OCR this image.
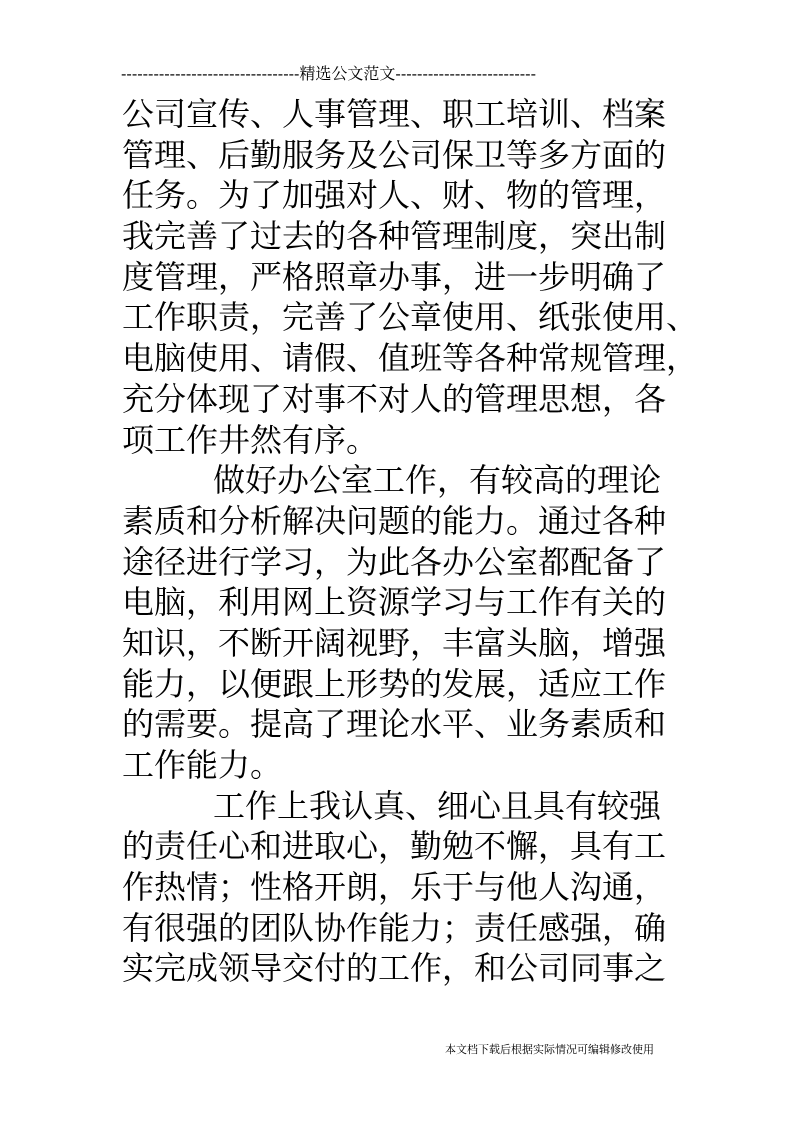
---------------------------------精选公文范文--------------------------
公司宣传、人事管理、职工培训、档案
管理、后勤服务及公司保卫等多方面的
任务。为了加强对人、财、物的管理，
我完善了过去的各种管理制度，突出制
度管理，严格照章办事，进一步明确了
工作职责，完善了公章使用、纸张使用、
电脑使用、请假、值班等各种常规管理，
充分体现了对事不对人的管理思想，各
项工作井然有序。
做好办公室工作，有较高的理论
素质和分析解决问题的能力。通过各种
途径进行学习，为此各办公室都配备了
电脑，利用网上资源学习与工作有关的
知识，不断开阔视野，丰富头脑，增强
能力，以便跟上形势的发展，适应工作
的需要。提高了理论水平、业务素质和
工作能力。
工作上我认真、细心且具有较强
的责任心和进取心，勤勉不懈，具有工
作热情；性格开朗，乐于与他人沟通，
有很强的团队协作能力；责任感强，确
实完成领导交付的工作，和公司同事之
本文档下载后根据实际情况可编辑修改使用
